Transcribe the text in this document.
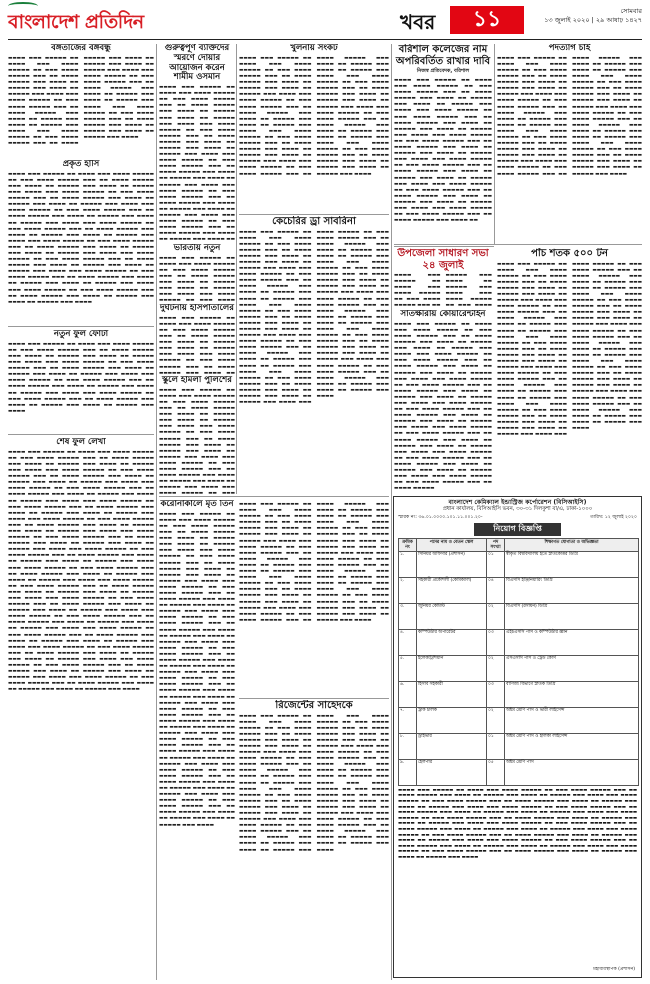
বাংলাদেশ প্রতিদিন	খবর	১১	সোমবার
১৩ জুলাই ২০২০ | ২৯ আষাঢ় ১৪২৭
বঙ্গতাজের বঙ্গবন্ধু
▬▬▬▬ ▬▬▬ ▬▬▬▬▬ ▬▬ ▬▬▬▬ ▬▬▬ ▬▬▬▬ ▬▬▬▬▬ ▬▬ ▬▬▬ ▬▬▬▬ ▬▬▬▬▬ ▬▬▬ ▬▬ ▬▬▬▬ ▬▬▬▬▬ ▬▬▬ ▬▬▬▬ ▬▬ ▬▬▬▬▬ ▬▬▬ ▬▬▬▬ ▬▬ ▬▬▬▬▬ ▬▬▬ ▬▬▬▬ ▬▬▬ ▬▬▬▬ ▬▬▬▬▬ ▬▬ ▬▬▬ ▬▬▬▬ ▬▬▬▬▬ ▬▬▬ ▬▬ ▬▬▬▬ ▬▬▬▬▬ ▬▬▬ ▬▬▬▬ ▬▬ ▬▬▬▬▬ ▬▬▬ ▬▬▬▬ ▬▬ ▬▬▬▬▬ ▬▬▬ ▬▬▬▬ ▬▬▬ ▬▬▬▬ ▬▬▬▬▬ ▬▬ ▬▬▬ ▬▬▬▬ ▬▬▬▬▬ ▬▬▬ ▬▬ ▬▬▬▬ ▬▬▬▬▬ ▬▬▬ ▬▬▬▬ ▬▬ ▬▬▬▬▬ ▬▬▬ ▬▬▬▬ ▬▬ ▬▬▬▬▬ ▬▬▬ ▬▬▬▬ ▬▬▬ ▬▬▬▬ ▬▬▬▬▬ ▬▬ ▬▬▬ ▬▬▬▬ ▬▬▬▬▬ ▬▬▬ ▬▬ ▬▬▬▬ ▬▬▬▬▬ ▬▬▬ ▬▬▬▬ ▬▬ ▬▬▬▬▬ ▬▬▬ ▬▬▬▬ ▬▬ ▬▬▬▬▬ ▬▬▬ ▬▬▬▬ ▬▬▬ ▬▬▬▬ ▬▬▬▬▬ ▬▬ ▬▬▬ ▬▬▬▬ ▬▬▬▬▬ ▬▬▬ ▬▬ ▬▬▬▬ ▬▬▬▬▬ ▬▬▬ ▬▬▬▬ ▬▬ ▬▬▬▬▬ ▬▬▬ ▬▬▬▬ ▬▬ ▬▬▬▬▬ ▬▬▬ ▬▬▬▬
প্রকৃত হাঁসি
▬▬▬▬ ▬▬▬ ▬▬▬▬▬ ▬▬ ▬▬▬▬ ▬▬▬ ▬▬▬▬ ▬▬▬▬▬ ▬▬ ▬▬▬ ▬▬▬▬ ▬▬▬▬▬ ▬▬▬ ▬▬ ▬▬▬▬ ▬▬▬▬▬ ▬▬▬ ▬▬▬▬ ▬▬ ▬▬▬▬▬ ▬▬▬ ▬▬▬▬ ▬▬ ▬▬▬▬▬ ▬▬▬ ▬▬▬▬ ▬▬▬ ▬▬▬▬ ▬▬▬▬▬ ▬▬ ▬▬▬ ▬▬▬▬ ▬▬▬▬▬ ▬▬▬ ▬▬ ▬▬▬▬ ▬▬▬▬▬ ▬▬▬ ▬▬▬▬ ▬▬ ▬▬▬▬▬ ▬▬▬ ▬▬▬▬ ▬▬ ▬▬▬▬▬ ▬▬▬ ▬▬▬▬ ▬▬▬ ▬▬▬▬ ▬▬▬▬▬ ▬▬ ▬▬▬ ▬▬▬▬ ▬▬▬▬▬ ▬▬▬ ▬▬ ▬▬▬▬ ▬▬▬▬▬ ▬▬▬ ▬▬▬▬ ▬▬ ▬▬▬▬▬ ▬▬▬ ▬▬▬▬ ▬▬ ▬▬▬▬▬ ▬▬▬ ▬▬▬▬ ▬▬▬ ▬▬▬▬ ▬▬▬▬▬ ▬▬ ▬▬▬ ▬▬▬▬ ▬▬▬▬▬ ▬▬▬ ▬▬ ▬▬▬▬ ▬▬▬▬▬ ▬▬▬ ▬▬▬▬ ▬▬ ▬▬▬▬▬ ▬▬▬ ▬▬▬▬ ▬▬ ▬▬▬▬▬ ▬▬▬ ▬▬▬▬ ▬▬▬ ▬▬▬▬ ▬▬▬▬▬ ▬▬ ▬▬▬ ▬▬▬▬ ▬▬▬▬▬ ▬▬▬ ▬▬ ▬▬▬▬ ▬▬▬▬▬ ▬▬▬ ▬▬▬▬ ▬▬ ▬▬▬▬▬ ▬▬▬ ▬▬▬▬ ▬▬ ▬▬▬▬▬ ▬▬▬ ▬▬▬▬ ▬▬▬ ▬▬▬▬ ▬▬▬▬▬ ▬▬ ▬▬▬ ▬▬▬▬ ▬▬▬▬▬ ▬▬▬ ▬▬ ▬▬▬▬ ▬▬▬▬▬ ▬▬▬ ▬▬▬▬ ▬▬ ▬▬▬▬▬ ▬▬▬ ▬▬▬▬ ▬▬ ▬▬▬▬▬ ▬▬▬ ▬▬▬▬ ▬▬▬ ▬▬▬▬ ▬▬▬▬▬ ▬▬ ▬▬▬ ▬▬▬▬ ▬▬▬▬▬ ▬▬▬ ▬▬ ▬▬▬▬ ▬▬▬▬▬ ▬▬▬ ▬▬▬▬ ▬▬ ▬▬▬▬▬ ▬▬▬ ▬▬▬▬ ▬▬ ▬▬▬▬▬ ▬▬▬ ▬▬▬▬ ▬▬▬ ▬▬▬▬ ▬▬▬▬▬ ▬▬ ▬▬▬ ▬▬▬▬ ▬▬▬▬▬ ▬▬▬ ▬▬ ▬▬▬▬ ▬▬▬▬▬ ▬▬▬ ▬▬▬▬ ▬▬ ▬▬▬▬▬ ▬▬▬ ▬▬▬▬ ▬▬ ▬▬▬▬▬ ▬▬▬ ▬▬▬▬
নতুন ফুল ফোটা
▬▬▬▬ ▬▬▬ ▬▬▬▬▬ ▬▬ ▬▬▬▬ ▬▬▬ ▬▬▬▬ ▬▬▬▬▬ ▬▬ ▬▬▬ ▬▬▬▬ ▬▬▬▬▬ ▬▬▬ ▬▬ ▬▬▬▬ ▬▬▬▬▬ ▬▬▬ ▬▬▬▬ ▬▬ ▬▬▬▬▬ ▬▬▬ ▬▬▬▬ ▬▬ ▬▬▬▬▬ ▬▬▬ ▬▬▬▬ ▬▬▬ ▬▬▬▬ ▬▬▬▬▬ ▬▬ ▬▬▬ ▬▬▬▬ ▬▬▬▬▬ ▬▬▬ ▬▬ ▬▬▬▬ ▬▬▬▬▬ ▬▬▬ ▬▬▬▬ ▬▬ ▬▬▬▬▬ ▬▬▬ ▬▬▬▬ ▬▬ ▬▬▬▬▬ ▬▬▬ ▬▬▬▬ ▬▬▬ ▬▬▬▬ ▬▬▬▬▬ ▬▬ ▬▬▬ ▬▬▬▬ ▬▬▬▬▬ ▬▬▬ ▬▬ ▬▬▬▬ ▬▬▬▬▬ ▬▬▬ ▬▬▬▬ ▬▬ ▬▬▬▬▬ ▬▬▬ ▬▬▬▬ ▬▬ ▬▬▬▬▬ ▬▬▬ ▬▬▬▬ ▬▬▬ ▬▬▬▬ ▬▬▬▬▬ ▬▬ ▬▬▬ ▬▬▬▬ ▬▬▬▬▬ ▬▬▬ ▬▬ ▬▬▬▬ ▬▬▬▬▬ ▬▬▬ ▬▬▬▬ ▬▬ ▬▬▬▬▬ ▬▬▬ ▬▬▬▬ ▬▬ ▬▬▬▬▬ ▬▬▬ ▬▬▬▬
শেষ ফুল লেখা
▬▬▬▬ ▬▬▬ ▬▬▬▬▬ ▬▬ ▬▬▬▬ ▬▬▬ ▬▬▬▬ ▬▬▬▬▬ ▬▬ ▬▬▬ ▬▬▬▬ ▬▬▬▬▬ ▬▬▬ ▬▬ ▬▬▬▬ ▬▬▬▬▬ ▬▬▬ ▬▬▬▬ ▬▬ ▬▬▬▬▬ ▬▬▬ ▬▬▬▬ ▬▬ ▬▬▬▬▬ ▬▬▬ ▬▬▬▬ ▬▬▬ ▬▬▬▬ ▬▬▬▬▬ ▬▬ ▬▬▬ ▬▬▬▬ ▬▬▬▬▬ ▬▬▬ ▬▬ ▬▬▬▬ ▬▬▬▬▬ ▬▬▬ ▬▬▬▬ ▬▬ ▬▬▬▬▬ ▬▬▬ ▬▬▬▬ ▬▬ ▬▬▬▬▬ ▬▬▬ ▬▬▬▬ ▬▬▬ ▬▬▬▬ ▬▬▬▬▬ ▬▬ ▬▬▬ ▬▬▬▬ ▬▬▬▬▬ ▬▬▬ ▬▬ ▬▬▬▬ ▬▬▬▬▬ ▬▬▬ ▬▬▬▬ ▬▬ ▬▬▬▬▬ ▬▬▬ ▬▬▬▬ ▬▬ ▬▬▬▬▬ ▬▬▬ ▬▬▬▬ ▬▬▬ ▬▬▬▬ ▬▬▬▬▬ ▬▬ ▬▬▬ ▬▬▬▬ ▬▬▬▬▬ ▬▬▬ ▬▬ ▬▬▬▬ ▬▬▬▬▬ ▬▬▬ ▬▬▬▬ ▬▬ ▬▬▬▬▬ ▬▬▬ ▬▬▬▬ ▬▬ ▬▬▬▬▬ ▬▬▬ ▬▬▬▬ ▬▬▬ ▬▬▬▬ ▬▬▬▬▬ ▬▬ ▬▬▬ ▬▬▬▬ ▬▬▬▬▬ ▬▬▬ ▬▬ ▬▬▬▬ ▬▬▬▬▬ ▬▬▬ ▬▬▬▬ ▬▬ ▬▬▬▬▬ ▬▬▬ ▬▬▬▬ ▬▬ ▬▬▬▬▬ ▬▬▬ ▬▬▬▬ ▬▬▬ ▬▬▬▬ ▬▬▬▬▬ ▬▬ ▬▬▬ ▬▬▬▬ ▬▬▬▬▬ ▬▬▬ ▬▬ ▬▬▬▬ ▬▬▬▬▬ ▬▬▬ ▬▬▬▬ ▬▬ ▬▬▬▬▬ ▬▬▬ ▬▬▬▬ ▬▬ ▬▬▬▬▬ ▬▬▬ ▬▬▬▬ ▬▬▬ ▬▬▬▬ ▬▬▬▬▬ ▬▬ ▬▬▬ ▬▬▬▬ ▬▬▬▬▬ ▬▬▬ ▬▬ ▬▬▬▬ ▬▬▬▬▬ ▬▬▬ ▬▬▬▬ ▬▬ ▬▬▬▬▬ ▬▬▬ ▬▬▬▬ ▬▬ ▬▬▬▬▬ ▬▬▬ ▬▬▬▬ ▬▬▬ ▬▬▬▬ ▬▬▬▬▬ ▬▬ ▬▬▬ ▬▬▬▬ ▬▬▬▬▬ ▬▬▬ ▬▬ ▬▬▬▬ ▬▬▬▬▬ ▬▬▬ ▬▬▬▬ ▬▬ ▬▬▬▬▬ ▬▬▬ ▬▬▬▬ ▬▬ ▬▬▬▬▬ ▬▬▬ ▬▬▬▬ ▬▬▬ ▬▬▬▬ ▬▬▬▬▬ ▬▬ ▬▬▬ ▬▬▬▬ ▬▬▬▬▬ ▬▬▬ ▬▬ ▬▬▬▬ ▬▬▬▬▬ ▬▬▬ ▬▬▬▬ ▬▬ ▬▬▬▬▬ ▬▬▬ ▬▬▬▬ ▬▬ ▬▬▬▬▬ ▬▬▬ ▬▬▬▬ ▬▬▬ ▬▬▬▬ ▬▬▬▬▬ ▬▬ ▬▬▬ ▬▬▬▬ ▬▬▬▬▬ ▬▬▬ ▬▬ ▬▬▬▬ ▬▬▬▬▬ ▬▬▬ ▬▬▬▬ ▬▬ ▬▬▬▬▬ ▬▬▬ ▬▬▬▬ ▬▬ ▬▬▬▬▬ ▬▬▬ ▬▬▬▬ ▬▬▬ ▬▬▬▬ ▬▬▬▬▬ ▬▬ ▬▬▬ ▬▬▬▬ ▬▬▬▬▬ ▬▬▬ ▬▬ ▬▬▬▬ ▬▬▬▬▬ ▬▬▬ ▬▬▬▬ ▬▬ ▬▬▬▬▬ ▬▬▬ ▬▬▬▬ ▬▬ ▬▬▬▬▬ ▬▬▬ ▬▬▬▬ ▬▬▬ ▬▬▬▬ ▬▬▬▬▬ ▬▬ ▬▬▬ ▬▬▬▬ ▬▬▬▬▬ ▬▬▬ ▬▬ ▬▬▬▬ ▬▬▬▬▬ ▬▬▬ ▬▬▬▬ ▬▬ ▬▬▬▬▬ ▬▬▬ ▬▬▬▬ ▬▬ ▬▬▬▬▬ ▬▬▬ ▬▬▬▬ ▬▬▬ ▬▬▬▬ ▬▬▬▬▬ ▬▬ ▬▬▬ ▬▬▬▬ ▬▬▬▬▬ ▬▬▬ ▬▬ ▬▬▬▬ ▬▬▬▬▬ ▬▬▬ ▬▬▬▬ ▬▬ ▬▬▬▬▬ ▬▬▬ ▬▬▬▬ ▬▬ ▬▬▬▬▬ ▬▬▬ ▬▬▬▬ ▬▬▬ ▬▬▬▬ ▬▬▬▬▬ ▬▬ ▬▬▬ ▬▬▬▬ ▬▬▬▬▬ ▬▬▬ ▬▬ ▬▬▬▬ ▬▬▬▬▬ ▬▬▬ ▬▬▬▬ ▬▬ ▬▬▬▬▬ ▬▬▬ ▬▬▬▬ ▬▬ ▬▬▬▬▬ ▬▬▬ ▬▬▬▬ ▬▬▬ ▬▬▬▬ ▬▬▬▬▬ ▬▬ ▬▬▬ ▬▬▬▬ ▬▬▬▬▬ ▬▬▬ ▬▬ ▬▬▬▬ ▬▬▬▬▬ ▬▬▬ ▬▬▬▬ ▬▬ ▬▬▬▬▬ ▬▬▬ ▬▬▬▬ ▬▬ ▬▬▬▬▬ ▬▬▬ ▬▬▬▬
গুরুত্বপূর্ণ ব্যক্তিদের স্মরণে দোয়ার আয়োজন করেন শামীম ওসমান
▬▬▬▬ ▬▬▬ ▬▬▬▬▬ ▬▬ ▬▬▬▬ ▬▬▬ ▬▬▬▬ ▬▬▬▬▬ ▬▬ ▬▬▬ ▬▬▬▬ ▬▬▬▬▬ ▬▬▬ ▬▬ ▬▬▬▬ ▬▬▬▬▬ ▬▬▬ ▬▬▬▬ ▬▬ ▬▬▬▬▬ ▬▬▬ ▬▬▬▬ ▬▬ ▬▬▬▬▬ ▬▬▬ ▬▬▬▬ ▬▬▬ ▬▬▬▬ ▬▬▬▬▬ ▬▬ ▬▬▬ ▬▬▬▬ ▬▬▬▬▬ ▬▬▬ ▬▬ ▬▬▬▬ ▬▬▬▬▬ ▬▬▬ ▬▬▬▬ ▬▬ ▬▬▬▬▬ ▬▬▬ ▬▬▬▬ ▬▬ ▬▬▬▬▬ ▬▬▬ ▬▬▬▬ ▬▬▬ ▬▬▬▬ ▬▬▬▬▬ ▬▬ ▬▬▬ ▬▬▬▬ ▬▬▬▬▬ ▬▬▬ ▬▬ ▬▬▬▬ ▬▬▬▬▬ ▬▬▬ ▬▬▬▬ ▬▬ ▬▬▬▬▬ ▬▬▬ ▬▬▬▬ ▬▬ ▬▬▬▬▬ ▬▬▬ ▬▬▬▬ ▬▬▬ ▬▬▬▬ ▬▬▬▬▬ ▬▬ ▬▬▬ ▬▬▬▬ ▬▬▬▬▬ ▬▬▬ ▬▬ ▬▬▬▬ ▬▬▬▬▬ ▬▬▬ ▬▬▬▬ ▬▬ ▬▬▬▬▬ ▬▬▬ ▬▬▬▬ ▬▬ ▬▬▬▬▬ ▬▬▬ ▬▬▬▬ ▬▬▬ ▬▬▬▬ ▬▬▬▬▬ ▬▬ ▬▬▬ ▬▬▬▬ ▬▬▬▬▬ ▬▬▬ ▬▬ ▬▬▬▬ ▬▬▬▬▬ ▬▬▬ ▬▬▬▬ ▬▬ ▬▬▬▬▬ ▬▬▬ ▬▬▬▬ ▬▬
ভারতীয় নতুন
▬▬▬▬ ▬▬▬ ▬▬▬▬▬ ▬▬ ▬▬▬▬ ▬▬▬ ▬▬▬▬ ▬▬▬▬▬ ▬▬ ▬▬▬ ▬▬▬▬ ▬▬▬▬▬ ▬▬▬ ▬▬ ▬▬▬▬ ▬▬▬▬▬ ▬▬▬ ▬▬▬▬ ▬▬ ▬▬▬▬▬ ▬▬▬ ▬▬▬▬ ▬▬ ▬▬▬▬▬ ▬▬▬ ▬▬▬▬ ▬▬▬ ▬▬▬▬ ▬▬▬▬▬ ▬▬ ▬▬▬ ▬▬▬▬
দুর্ঘটনায় হাসপাতালের
▬▬▬▬ ▬▬▬ ▬▬▬▬▬ ▬▬ ▬▬▬▬ ▬▬▬ ▬▬▬▬ ▬▬▬▬▬ ▬▬ ▬▬▬ ▬▬▬▬ ▬▬▬▬▬ ▬▬▬ ▬▬ ▬▬▬▬ ▬▬▬▬▬ ▬▬▬ ▬▬▬▬ ▬▬ ▬▬▬▬▬ ▬▬▬ ▬▬▬▬ ▬▬ ▬▬▬▬▬ ▬▬▬ ▬▬▬▬ ▬▬▬ ▬▬▬▬ ▬▬▬▬▬ ▬▬ ▬▬▬ ▬▬▬▬ ▬▬▬▬▬ ▬▬▬ ▬▬ ▬▬▬▬ ▬▬▬▬▬ ▬▬▬ ▬▬▬▬ ▬▬
স্কুলে হামলা পুলিশের
▬▬▬▬ ▬▬▬ ▬▬▬▬▬ ▬▬ ▬▬▬▬ ▬▬▬ ▬▬▬▬ ▬▬▬▬▬ ▬▬ ▬▬▬ ▬▬▬▬ ▬▬▬▬▬ ▬▬▬ ▬▬ ▬▬▬▬ ▬▬▬▬▬ ▬▬▬ ▬▬▬▬ ▬▬ ▬▬▬▬▬ ▬▬▬ ▬▬▬▬ ▬▬ ▬▬▬▬▬ ▬▬▬ ▬▬▬▬ ▬▬▬ ▬▬▬▬ ▬▬▬▬▬ ▬▬ ▬▬▬ ▬▬▬▬ ▬▬▬▬▬ ▬▬▬ ▬▬ ▬▬▬▬ ▬▬▬▬▬ ▬▬▬ ▬▬▬▬ ▬▬ ▬▬▬▬▬ ▬▬▬ ▬▬▬▬ ▬▬ ▬▬▬▬▬ ▬▬▬ ▬▬▬▬ ▬▬▬ ▬▬▬▬ ▬▬▬▬▬ ▬▬ ▬▬▬ ▬▬▬▬ ▬▬▬▬▬ ▬▬▬ ▬▬ ▬▬▬▬ ▬▬▬▬▬ ▬▬▬ ▬▬▬▬ ▬▬ ▬▬▬▬▬ ▬▬▬ ▬▬▬▬ ▬▬ ▬▬▬▬▬ ▬▬▬ ▬▬▬▬ ▬▬▬ ▬▬▬▬ ▬▬▬▬▬ ▬▬ ▬▬▬
করোনাকালে মৃত তিন
▬▬▬▬ ▬▬▬ ▬▬▬▬▬ ▬▬ ▬▬▬▬ ▬▬▬ ▬▬▬▬ ▬▬▬▬▬ ▬▬ ▬▬▬ ▬▬▬▬ ▬▬▬▬▬ ▬▬▬ ▬▬ ▬▬▬▬ ▬▬▬▬▬ ▬▬▬ ▬▬▬▬ ▬▬ ▬▬▬▬▬ ▬▬▬ ▬▬▬▬ ▬▬ ▬▬▬▬▬ ▬▬▬ ▬▬▬▬ ▬▬▬ ▬▬▬▬ ▬▬▬▬▬ ▬▬ ▬▬▬ ▬▬▬▬ ▬▬▬▬▬ ▬▬▬ ▬▬ ▬▬▬▬ ▬▬▬▬▬ ▬▬▬ ▬▬▬▬ ▬▬ ▬▬▬▬▬ ▬▬▬ ▬▬▬▬ ▬▬ ▬▬▬▬▬ ▬▬▬ ▬▬▬▬ ▬▬▬ ▬▬▬▬ ▬▬▬▬▬ ▬▬ ▬▬▬ ▬▬▬▬ ▬▬▬▬▬ ▬▬▬ ▬▬ ▬▬▬▬ ▬▬▬▬▬ ▬▬▬ ▬▬▬▬ ▬▬ ▬▬▬▬▬ ▬▬▬ ▬▬▬▬ ▬▬ ▬▬▬▬▬ ▬▬▬ ▬▬▬▬ ▬▬▬ ▬▬▬▬ ▬▬▬▬▬ ▬▬ ▬▬▬ ▬▬▬▬ ▬▬▬▬▬ ▬▬▬ ▬▬ ▬▬▬▬ ▬▬▬▬▬ ▬▬▬ ▬▬▬▬ ▬▬ ▬▬▬▬▬ ▬▬▬ ▬▬▬▬ ▬▬ ▬▬▬▬▬ ▬▬▬ ▬▬▬▬ ▬▬▬ ▬▬▬▬ ▬▬▬▬▬ ▬▬ ▬▬▬ ▬▬▬▬ ▬▬▬▬▬ ▬▬▬ ▬▬ ▬▬▬▬ ▬▬▬▬▬ ▬▬▬ ▬▬▬▬ ▬▬ ▬▬▬▬▬ ▬▬▬ ▬▬▬▬ ▬▬ ▬▬▬▬▬ ▬▬▬ ▬▬▬▬ ▬▬▬ ▬▬▬▬ ▬▬▬▬▬ ▬▬ ▬▬▬ ▬▬▬▬ ▬▬▬▬▬ ▬▬▬ ▬▬ ▬▬▬▬ ▬▬▬▬▬ ▬▬▬ ▬▬▬▬ ▬▬ ▬▬▬▬▬ ▬▬▬ ▬▬▬▬ ▬▬ ▬▬▬▬▬ ▬▬▬ ▬▬▬▬ ▬▬▬ ▬▬▬▬ ▬▬▬▬▬ ▬▬ ▬▬▬ ▬▬▬▬ ▬▬▬▬▬ ▬▬▬ ▬▬ ▬▬▬▬ ▬▬▬▬▬ ▬▬▬ ▬▬▬▬ ▬▬ ▬▬▬▬▬ ▬▬▬ ▬▬▬▬ ▬▬ ▬▬▬▬▬ ▬▬▬ ▬▬▬▬ ▬▬▬ ▬▬▬▬ ▬▬▬▬▬ ▬▬ ▬▬▬ ▬▬▬▬ ▬▬▬▬▬ ▬▬▬ ▬▬ ▬▬▬▬ ▬▬▬▬▬ ▬▬▬ ▬▬▬▬ ▬▬ ▬▬▬▬▬ ▬▬▬ ▬▬▬▬ ▬▬ ▬▬▬▬▬ ▬▬▬ ▬▬▬▬ ▬▬▬ ▬▬▬▬ ▬▬▬▬▬ ▬▬ ▬▬▬ ▬▬▬▬ ▬▬▬▬▬ ▬▬▬ ▬▬ ▬▬▬▬ ▬▬▬▬▬ ▬▬▬ ▬▬▬▬ ▬▬ ▬▬▬▬▬ ▬▬▬ ▬▬▬▬ ▬▬ ▬▬▬▬▬ ▬▬▬ ▬▬▬▬ ▬▬▬ ▬▬▬▬ ▬▬▬▬▬ ▬▬ ▬▬▬ ▬▬▬▬ ▬▬▬▬▬ ▬▬▬ ▬▬ ▬▬▬▬ ▬▬▬▬▬ ▬▬▬ ▬▬▬▬ ▬▬ ▬▬▬▬▬ ▬▬▬ ▬▬▬▬ ▬▬ ▬▬▬▬▬ ▬▬▬ ▬▬▬▬
খুলনায় সংকট
▬▬▬▬ ▬▬▬ ▬▬▬▬▬ ▬▬ ▬▬▬▬ ▬▬▬ ▬▬▬▬ ▬▬▬▬▬ ▬▬ ▬▬▬ ▬▬▬▬ ▬▬▬▬▬ ▬▬▬ ▬▬ ▬▬▬▬ ▬▬▬▬▬ ▬▬▬ ▬▬▬▬ ▬▬ ▬▬▬▬▬ ▬▬▬ ▬▬▬▬ ▬▬ ▬▬▬▬▬ ▬▬▬ ▬▬▬▬ ▬▬▬ ▬▬▬▬ ▬▬▬▬▬ ▬▬ ▬▬▬ ▬▬▬▬ ▬▬▬▬▬ ▬▬▬ ▬▬ ▬▬▬▬ ▬▬▬▬▬ ▬▬▬ ▬▬▬▬ ▬▬ ▬▬▬▬▬ ▬▬▬ ▬▬▬▬ ▬▬ ▬▬▬▬▬ ▬▬▬ ▬▬▬▬ ▬▬▬ ▬▬▬▬ ▬▬▬▬▬ ▬▬ ▬▬▬ ▬▬▬▬ ▬▬▬▬▬ ▬▬▬ ▬▬ ▬▬▬▬ ▬▬▬▬▬ ▬▬▬ ▬▬▬▬ ▬▬ ▬▬▬▬▬ ▬▬▬ ▬▬▬▬ ▬▬ ▬▬▬▬▬ ▬▬▬ ▬▬▬▬ ▬▬▬ ▬▬▬▬ ▬▬▬▬▬ ▬▬ ▬▬▬ ▬▬▬▬ ▬▬▬▬▬ ▬▬▬ ▬▬ ▬▬▬▬ ▬▬▬▬▬ ▬▬▬ ▬▬▬▬ ▬▬ ▬▬▬▬▬ ▬▬▬ ▬▬▬▬ ▬▬ ▬▬▬▬▬ ▬▬▬ ▬▬▬▬ ▬▬▬ ▬▬▬▬ ▬▬▬▬▬ ▬▬ ▬▬▬ ▬▬▬▬ ▬▬▬▬▬ ▬▬▬ ▬▬ ▬▬▬▬ ▬▬▬▬▬ ▬▬▬ ▬▬▬▬ ▬▬ ▬▬▬▬▬ ▬▬▬ ▬▬▬▬ ▬▬ ▬▬▬▬▬ ▬▬▬ ▬▬▬▬ ▬▬▬ ▬▬▬▬ ▬▬▬▬▬ ▬▬ ▬▬▬ ▬▬▬▬ ▬▬▬▬▬ ▬▬▬ ▬▬ ▬▬▬▬ ▬▬▬▬▬ ▬▬▬ ▬▬▬▬ ▬▬ ▬▬▬▬▬ ▬▬▬ ▬▬▬▬ ▬▬ ▬▬▬▬▬ ▬▬▬ ▬▬▬▬ ▬▬▬ ▬▬▬▬ ▬▬▬▬▬ ▬▬ ▬▬▬ ▬▬▬▬ ▬▬▬▬▬ ▬▬▬ ▬▬ ▬▬▬▬ ▬▬▬▬▬ ▬▬▬ ▬▬▬▬ ▬▬ ▬▬▬▬▬ ▬▬▬ ▬▬▬▬ ▬▬ ▬▬▬▬▬ ▬▬▬ ▬▬▬▬
কেচেরির ড্রা সাবরিনা
▬▬▬▬ ▬▬▬ ▬▬▬▬▬ ▬▬ ▬▬▬▬ ▬▬▬ ▬▬▬▬ ▬▬▬▬▬ ▬▬ ▬▬▬ ▬▬▬▬ ▬▬▬▬▬ ▬▬▬ ▬▬ ▬▬▬▬ ▬▬▬▬▬ ▬▬▬ ▬▬▬▬ ▬▬ ▬▬▬▬▬ ▬▬▬ ▬▬▬▬ ▬▬ ▬▬▬▬▬ ▬▬▬ ▬▬▬▬ ▬▬▬ ▬▬▬▬ ▬▬▬▬▬ ▬▬ ▬▬▬ ▬▬▬▬ ▬▬▬▬▬ ▬▬▬ ▬▬ ▬▬▬▬ ▬▬▬▬▬ ▬▬▬ ▬▬▬▬ ▬▬ ▬▬▬▬▬ ▬▬▬ ▬▬▬▬ ▬▬ ▬▬▬▬▬ ▬▬▬ ▬▬▬▬ ▬▬▬ ▬▬▬▬ ▬▬▬▬▬ ▬▬ ▬▬▬ ▬▬▬▬ ▬▬▬▬▬ ▬▬▬ ▬▬ ▬▬▬▬ ▬▬▬▬▬ ▬▬▬ ▬▬▬▬ ▬▬ ▬▬▬▬▬ ▬▬▬ ▬▬▬▬ ▬▬ ▬▬▬▬▬ ▬▬▬ ▬▬▬▬ ▬▬▬ ▬▬▬▬ ▬▬▬▬▬ ▬▬ ▬▬▬ ▬▬▬▬ ▬▬▬▬▬ ▬▬▬ ▬▬ ▬▬▬▬ ▬▬▬▬▬ ▬▬▬ ▬▬▬▬ ▬▬ ▬▬▬▬▬ ▬▬▬ ▬▬▬▬ ▬▬ ▬▬▬▬▬ ▬▬▬ ▬▬▬▬ ▬▬▬ ▬▬▬▬ ▬▬▬▬▬ ▬▬ ▬▬▬ ▬▬▬▬ ▬▬▬▬▬ ▬▬▬ ▬▬ ▬▬▬▬ ▬▬▬▬▬ ▬▬▬ ▬▬▬▬ ▬▬ ▬▬▬▬▬ ▬▬▬ ▬▬▬▬ ▬▬ ▬▬▬▬▬ ▬▬▬ ▬▬▬▬ ▬▬▬ ▬▬▬▬ ▬▬▬▬▬ ▬▬ ▬▬▬ ▬▬▬▬ ▬▬▬▬▬ ▬▬▬ ▬▬ ▬▬▬▬ ▬▬▬▬▬ ▬▬▬ ▬▬▬▬ ▬▬ ▬▬▬▬▬ ▬▬▬ ▬▬▬▬ ▬▬ ▬▬▬▬▬ ▬▬▬ ▬▬▬▬ ▬▬▬ ▬▬▬▬ ▬▬▬▬▬ ▬▬ ▬▬▬ ▬▬▬▬ ▬▬▬▬▬ ▬▬▬ ▬▬ ▬▬▬▬ ▬▬▬▬▬ ▬▬▬ ▬▬▬▬ ▬▬ ▬▬▬▬▬ ▬▬▬ ▬▬▬▬ ▬▬ ▬▬▬▬▬ ▬▬▬ ▬▬▬▬ ▬▬▬ ▬▬▬▬ ▬▬▬▬▬ ▬▬ ▬▬▬ ▬▬▬▬ ▬▬▬▬▬ ▬▬▬ ▬▬ ▬▬▬▬ ▬▬▬▬▬ ▬▬▬ ▬▬▬▬ ▬▬ ▬▬▬▬▬ ▬▬▬ ▬▬▬▬ ▬▬ ▬▬▬▬▬ ▬▬▬ ▬▬▬▬ ▬▬▬ ▬▬▬▬ ▬▬▬▬▬ ▬▬ ▬▬▬ ▬▬▬▬ ▬▬▬▬▬ ▬▬▬ ▬▬ ▬▬▬▬ ▬▬▬▬▬ ▬▬▬ ▬▬▬▬ ▬▬ ▬▬▬▬▬ ▬▬▬ ▬▬▬▬ ▬▬ ▬▬▬▬▬ ▬▬▬ ▬▬▬▬ ▬▬▬ ▬▬▬▬ ▬▬▬▬▬ ▬▬ ▬▬▬ ▬▬▬▬ ▬▬▬▬▬ ▬▬▬ ▬▬ ▬▬▬▬ ▬▬▬▬▬ ▬▬▬ ▬▬▬▬ ▬▬ ▬▬▬▬▬ ▬▬▬ ▬▬▬▬ ▬▬ ▬▬▬▬▬ ▬▬▬ ▬▬▬▬
রিজেন্টের সাহেদকে
▬▬▬▬ ▬▬▬ ▬▬▬▬▬ ▬▬ ▬▬▬▬ ▬▬▬ ▬▬▬▬ ▬▬▬▬▬ ▬▬ ▬▬▬ ▬▬▬▬ ▬▬▬▬▬ ▬▬▬ ▬▬ ▬▬▬▬ ▬▬▬▬▬ ▬▬▬ ▬▬▬▬ ▬▬ ▬▬▬▬▬ ▬▬▬ ▬▬▬▬ ▬▬ ▬▬▬▬▬ ▬▬▬ ▬▬▬▬ ▬▬▬ ▬▬▬▬ ▬▬▬▬▬ ▬▬ ▬▬▬ ▬▬▬▬ ▬▬▬▬▬ ▬▬▬ ▬▬ ▬▬▬▬ ▬▬▬▬▬ ▬▬▬ ▬▬▬▬ ▬▬ ▬▬▬▬▬ ▬▬▬ ▬▬▬▬ ▬▬ ▬▬▬▬▬ ▬▬▬ ▬▬▬▬ ▬▬▬ ▬▬▬▬ ▬▬▬▬▬ ▬▬ ▬▬▬ ▬▬▬▬ ▬▬▬▬▬ ▬▬▬ ▬▬ ▬▬▬▬ ▬▬▬▬▬ ▬▬▬ ▬▬▬▬ ▬▬ ▬▬▬▬▬ ▬▬▬ ▬▬▬▬ ▬▬ ▬▬▬▬▬ ▬▬▬ ▬▬▬▬ ▬▬▬ ▬▬▬▬ ▬▬▬▬▬ ▬▬ ▬▬▬ ▬▬▬▬ ▬▬▬▬▬ ▬▬▬ ▬▬ ▬▬▬▬ ▬▬▬▬▬ ▬▬▬ ▬▬▬▬ ▬▬ ▬▬▬▬▬ ▬▬▬ ▬▬▬▬ ▬▬ ▬▬▬▬▬ ▬▬▬ ▬▬▬▬ ▬▬▬ ▬▬▬▬ ▬▬▬▬▬ ▬▬ ▬▬▬ ▬▬▬▬ ▬▬▬▬▬ ▬▬▬ ▬▬ ▬▬▬▬ ▬▬▬▬▬ ▬▬▬ ▬▬▬▬ ▬▬ ▬▬▬▬▬ ▬▬▬ ▬▬▬▬ ▬▬ ▬▬▬▬▬ ▬▬▬ ▬▬▬▬ ▬▬▬ ▬▬▬▬ ▬▬▬▬▬ ▬▬ ▬▬▬ ▬▬▬▬ ▬▬▬▬▬ ▬▬▬ ▬▬ ▬▬▬▬ ▬▬▬▬▬ ▬▬▬ ▬▬▬▬ ▬▬ ▬▬▬▬▬ ▬▬▬ ▬▬▬▬ ▬▬ ▬▬▬▬▬ ▬▬▬ ▬▬▬▬ ▬▬▬ ▬▬▬▬ ▬▬▬▬▬ ▬▬ ▬▬▬ ▬▬▬▬ ▬▬▬▬▬ ▬▬▬ ▬▬ ▬▬▬▬ ▬▬▬▬▬ ▬▬▬ ▬▬▬▬ ▬▬ ▬▬▬▬▬ ▬▬▬ ▬▬▬▬ ▬▬ ▬▬▬▬▬ ▬▬▬ ▬▬▬▬ ▬▬▬ ▬▬▬▬ ▬▬▬▬▬ ▬▬ ▬▬▬ ▬▬▬▬ ▬▬▬▬▬ ▬▬▬ ▬▬ ▬▬▬▬ ▬▬▬▬▬ ▬▬▬ ▬▬▬▬ ▬▬ ▬▬▬▬▬ ▬▬▬ ▬▬▬▬ ▬▬ ▬▬▬▬▬ ▬▬▬ ▬▬▬▬
▬▬▬▬ ▬▬▬ ▬▬▬▬▬ ▬▬ ▬▬▬▬ ▬▬▬ ▬▬▬▬ ▬▬▬▬▬ ▬▬ ▬▬▬ ▬▬▬▬ ▬▬▬▬▬ ▬▬▬ ▬▬ ▬▬▬▬ ▬▬▬▬▬ ▬▬▬ ▬▬▬▬ ▬▬ ▬▬▬▬▬ ▬▬▬ ▬▬▬▬ ▬▬ ▬▬▬▬▬ ▬▬▬ ▬▬▬▬ ▬▬▬ ▬▬▬▬ ▬▬▬▬▬ ▬▬ ▬▬▬ ▬▬▬▬ ▬▬▬▬▬ ▬▬▬ ▬▬ ▬▬▬▬ ▬▬▬▬▬ ▬▬▬ ▬▬▬▬ ▬▬ ▬▬▬▬▬ ▬▬▬ ▬▬▬▬ ▬▬ ▬▬▬▬▬ ▬▬▬ ▬▬▬▬ ▬▬▬ ▬▬▬▬ ▬▬▬▬▬ ▬▬ ▬▬▬ ▬▬▬▬ ▬▬▬▬▬ ▬▬▬ ▬▬ ▬▬▬▬ ▬▬▬▬▬ ▬▬▬ ▬▬▬▬ ▬▬ ▬▬▬▬▬ ▬▬▬ ▬▬▬▬ ▬▬ ▬▬▬▬▬ ▬▬▬ ▬▬▬▬ ▬▬▬ ▬▬▬▬ ▬▬▬▬▬ ▬▬ ▬▬▬ ▬▬▬▬ ▬▬▬▬▬ ▬▬▬ ▬▬ ▬▬▬▬ ▬▬▬▬▬ ▬▬▬ ▬▬▬▬ ▬▬ ▬▬▬▬▬ ▬▬▬ ▬▬▬▬ ▬▬ ▬▬▬▬▬ ▬▬▬ ▬▬▬▬ ▬▬▬ ▬▬▬▬ ▬▬▬▬▬ ▬▬ ▬▬▬ ▬▬▬▬ ▬▬▬▬▬ ▬▬▬ ▬▬ ▬▬▬▬ ▬▬▬▬▬ ▬▬▬ ▬▬▬▬ ▬▬ ▬▬▬▬▬ ▬▬▬ ▬▬▬▬ ▬▬ ▬▬▬▬▬ ▬▬▬ ▬▬▬▬ ▬▬▬ ▬▬▬▬ ▬▬▬▬▬ ▬▬ ▬▬▬ ▬▬▬▬ ▬▬▬▬▬ ▬▬▬ ▬▬ ▬▬▬▬ ▬▬▬▬▬ ▬▬▬ ▬▬▬▬ ▬▬ ▬▬▬▬▬ ▬▬▬ ▬▬▬▬ ▬▬ ▬▬▬▬▬ ▬▬▬ ▬▬▬▬ ▬▬▬ ▬▬▬▬ ▬▬▬▬▬ ▬▬ ▬▬▬ ▬▬▬▬ ▬▬▬▬▬ ▬▬▬ ▬▬ ▬▬▬▬ ▬▬▬▬▬ ▬▬▬ ▬▬▬▬ ▬▬ ▬▬▬▬▬ ▬▬▬ ▬▬▬▬ ▬▬ ▬▬▬▬▬ ▬▬▬ ▬▬▬▬
বরিশাল কলেজের নাম অপরিবর্তিত রাখার দাবি
নিজস্ব প্রতিবেদক, বরিশাল
▬▬▬▬ ▬▬▬ ▬▬▬▬▬ ▬▬ ▬▬▬▬ ▬▬▬ ▬▬▬▬ ▬▬▬▬▬ ▬▬ ▬▬▬ ▬▬▬▬ ▬▬▬▬▬ ▬▬▬ ▬▬ ▬▬▬▬ ▬▬▬▬▬ ▬▬▬ ▬▬▬▬ ▬▬ ▬▬▬▬▬ ▬▬▬ ▬▬▬▬ ▬▬ ▬▬▬▬▬ ▬▬▬ ▬▬▬▬ ▬▬▬ ▬▬▬▬ ▬▬▬▬▬ ▬▬ ▬▬▬ ▬▬▬▬ ▬▬▬▬▬ ▬▬▬ ▬▬ ▬▬▬▬ ▬▬▬▬▬ ▬▬▬ ▬▬▬▬ ▬▬ ▬▬▬▬▬ ▬▬▬ ▬▬▬▬ ▬▬ ▬▬▬▬▬ ▬▬▬ ▬▬▬▬ ▬▬▬ ▬▬▬▬ ▬▬▬▬▬ ▬▬ ▬▬▬ ▬▬▬▬ ▬▬▬▬▬ ▬▬▬ ▬▬ ▬▬▬▬ ▬▬▬▬▬ ▬▬▬ ▬▬▬▬ ▬▬ ▬▬▬▬▬ ▬▬▬ ▬▬▬▬ ▬▬ ▬▬▬▬▬ ▬▬▬ ▬▬▬▬ ▬▬▬ ▬▬▬▬ ▬▬▬▬▬ ▬▬ ▬▬▬ ▬▬▬▬ ▬▬▬▬▬ ▬▬▬ ▬▬ ▬▬▬▬ ▬▬▬▬▬ ▬▬▬ ▬▬▬▬ ▬▬ ▬▬▬▬▬ ▬▬▬ ▬▬▬▬ ▬▬ ▬▬▬▬▬ ▬▬▬ ▬▬▬▬ ▬▬▬ ▬▬▬▬ ▬▬▬▬▬ ▬▬ ▬▬▬ ▬▬▬▬ ▬▬▬▬▬ ▬▬▬ ▬▬ ▬▬▬▬ ▬▬▬▬▬ ▬▬▬ ▬▬▬▬ ▬▬ ▬▬▬▬▬ ▬▬▬ ▬▬▬▬ ▬▬ ▬▬▬▬▬ ▬▬▬ ▬▬▬▬ ▬▬▬ ▬▬▬▬ ▬▬▬▬▬ ▬▬ ▬▬▬ ▬▬▬▬ ▬▬▬▬▬ ▬▬▬ ▬▬ ▬▬▬▬ ▬▬▬▬▬ ▬▬▬ ▬▬▬▬ ▬▬
উপজেলা সাধারণ সভা ২৪ জুলাই
▬▬▬▬ ▬▬▬ ▬▬▬▬▬ ▬▬ ▬▬▬▬ ▬▬▬ ▬▬▬▬ ▬▬▬▬▬ ▬▬ ▬▬▬ ▬▬▬▬ ▬▬▬▬▬ ▬▬▬ ▬▬ ▬▬▬▬▬ ▬▬▬ ▬▬▬▬ ▬▬ ▬▬▬▬▬ ▬▬▬ ▬▬▬▬ ▬▬▬ ▬▬▬▬ ▬▬▬▬▬ ▬▬ ▬▬▬ ▬▬▬▬
সাতক্ষীরায় কোয়ারেন্টাইন
▬▬▬▬ ▬▬▬ ▬▬▬▬▬ ▬▬ ▬▬▬▬ ▬▬▬ ▬▬▬▬ ▬▬▬▬▬ ▬▬ ▬▬▬ ▬▬▬▬ ▬▬▬▬▬ ▬▬▬ ▬▬ ▬▬▬▬ ▬▬▬▬▬ ▬▬▬ ▬▬▬▬ ▬▬ ▬▬▬▬▬ ▬▬▬ ▬▬▬▬ ▬▬ ▬▬▬▬▬ ▬▬▬ ▬▬▬▬ ▬▬▬ ▬▬▬▬ ▬▬▬▬▬ ▬▬ ▬▬▬ ▬▬▬▬ ▬▬▬▬▬ ▬▬▬ ▬▬ ▬▬▬▬ ▬▬▬▬▬ ▬▬▬ ▬▬▬▬ ▬▬ ▬▬▬▬▬ ▬▬▬ ▬▬▬▬ ▬▬ ▬▬▬▬▬ ▬▬▬ ▬▬▬▬ ▬▬▬ ▬▬▬▬ ▬▬▬▬▬ ▬▬ ▬▬▬ ▬▬▬▬ ▬▬▬▬▬ ▬▬▬ ▬▬ ▬▬▬▬ ▬▬▬▬▬ ▬▬▬ ▬▬▬▬ ▬▬ ▬▬▬▬▬ ▬▬▬ ▬▬▬▬ ▬▬ ▬▬▬▬▬ ▬▬▬ ▬▬▬▬ ▬▬▬ ▬▬▬▬ ▬▬▬▬▬ ▬▬ ▬▬▬ ▬▬▬▬ ▬▬▬▬▬ ▬▬▬ ▬▬ ▬▬▬▬ ▬▬▬▬▬ ▬▬▬ ▬▬▬▬ ▬▬ ▬▬▬▬▬ ▬▬▬ ▬▬▬▬ ▬▬ ▬▬▬▬▬ ▬▬▬ ▬▬▬▬ ▬▬▬ ▬▬▬▬ ▬▬▬▬▬ ▬▬ ▬▬▬ ▬▬▬▬ ▬▬▬▬▬ ▬▬▬ ▬▬ ▬▬▬▬ ▬▬▬▬▬ ▬▬▬ ▬▬▬▬ ▬▬ ▬▬▬▬▬ ▬▬▬ ▬▬▬▬ ▬▬ ▬▬▬▬▬ ▬▬▬ ▬▬▬▬ ▬▬▬ ▬▬▬▬ ▬▬▬▬▬ ▬▬ ▬▬▬ ▬▬▬▬ ▬▬▬▬▬ ▬▬▬ ▬▬ ▬▬▬▬ ▬▬▬▬▬ ▬▬▬ ▬▬▬▬ ▬▬ ▬▬▬▬▬ ▬▬▬ ▬▬▬▬ ▬▬ ▬▬▬▬▬ ▬▬▬ ▬▬▬▬ ▬▬▬ ▬▬▬▬ ▬▬▬▬▬ ▬▬ ▬▬▬ ▬▬▬▬ ▬▬▬▬▬ ▬▬▬ ▬▬ ▬▬▬▬ ▬▬▬▬▬
পদত্যাগ চাই
▬▬▬▬ ▬▬▬ ▬▬▬▬▬ ▬▬ ▬▬▬▬ ▬▬▬ ▬▬▬▬ ▬▬▬▬▬ ▬▬ ▬▬▬ ▬▬▬▬ ▬▬▬▬▬ ▬▬▬ ▬▬ ▬▬▬▬ ▬▬▬▬▬ ▬▬▬ ▬▬▬▬ ▬▬ ▬▬▬▬▬ ▬▬▬ ▬▬▬▬ ▬▬ ▬▬▬▬▬ ▬▬▬ ▬▬▬▬ ▬▬▬ ▬▬▬▬ ▬▬▬▬▬ ▬▬ ▬▬▬ ▬▬▬▬ ▬▬▬▬▬ ▬▬▬ ▬▬ ▬▬▬▬ ▬▬▬▬▬ ▬▬▬ ▬▬▬▬ ▬▬ ▬▬▬▬▬ ▬▬▬ ▬▬▬▬ ▬▬ ▬▬▬▬▬ ▬▬▬ ▬▬▬▬ ▬▬▬ ▬▬▬▬ ▬▬▬▬▬ ▬▬ ▬▬▬ ▬▬▬▬ ▬▬▬▬▬ ▬▬▬ ▬▬ ▬▬▬▬ ▬▬▬▬▬ ▬▬▬ ▬▬▬▬ ▬▬ ▬▬▬▬▬ ▬▬▬ ▬▬▬▬ ▬▬ ▬▬▬▬▬ ▬▬▬ ▬▬▬▬ ▬▬▬ ▬▬▬▬ ▬▬▬▬▬ ▬▬ ▬▬▬ ▬▬▬▬ ▬▬▬▬▬ ▬▬▬ ▬▬ ▬▬▬▬ ▬▬▬▬▬ ▬▬▬ ▬▬▬▬ ▬▬ ▬▬▬▬▬ ▬▬▬ ▬▬▬▬ ▬▬ ▬▬▬▬▬ ▬▬▬ ▬▬▬▬ ▬▬▬ ▬▬▬▬ ▬▬▬▬▬ ▬▬ ▬▬▬ ▬▬▬▬ ▬▬▬▬▬ ▬▬▬ ▬▬ ▬▬▬▬ ▬▬▬▬▬ ▬▬▬ ▬▬▬▬ ▬▬ ▬▬▬▬▬ ▬▬▬ ▬▬▬▬ ▬▬ ▬▬▬▬▬ ▬▬▬ ▬▬▬▬ ▬▬▬ ▬▬▬▬ ▬▬▬▬▬ ▬▬ ▬▬▬ ▬▬▬▬ ▬▬▬▬▬ ▬▬▬ ▬▬ ▬▬▬▬ ▬▬▬▬▬ ▬▬▬ ▬▬▬▬ ▬▬ ▬▬▬▬▬ ▬▬▬ ▬▬▬▬ ▬▬ ▬▬▬▬▬ ▬▬▬ ▬▬▬▬ ▬▬▬ ▬▬▬▬ ▬▬▬▬▬ ▬▬ ▬▬▬ ▬▬▬▬ ▬▬▬▬▬ ▬▬▬ ▬▬ ▬▬▬▬ ▬▬▬▬▬ ▬▬▬ ▬▬▬▬ ▬▬ ▬▬▬▬▬ ▬▬▬ ▬▬▬▬ ▬▬ ▬▬▬▬▬ ▬▬▬ ▬▬▬▬
পাঁচ শতক ৫০০ টন
▬▬▬▬ ▬▬▬ ▬▬▬▬▬ ▬▬ ▬▬▬▬ ▬▬▬ ▬▬▬▬ ▬▬▬▬▬ ▬▬ ▬▬▬ ▬▬▬▬ ▬▬▬▬▬ ▬▬▬ ▬▬ ▬▬▬▬ ▬▬▬▬▬ ▬▬▬ ▬▬▬▬ ▬▬ ▬▬▬▬▬ ▬▬▬ ▬▬▬▬ ▬▬ ▬▬▬▬▬ ▬▬▬ ▬▬▬▬ ▬▬▬ ▬▬▬▬ ▬▬▬▬▬ ▬▬ ▬▬▬ ▬▬▬▬ ▬▬▬▬▬ ▬▬▬ ▬▬ ▬▬▬▬ ▬▬▬▬▬ ▬▬▬ ▬▬▬▬ ▬▬ ▬▬▬▬▬ ▬▬▬ ▬▬▬▬ ▬▬ ▬▬▬▬▬ ▬▬▬ ▬▬▬▬ ▬▬▬ ▬▬▬▬ ▬▬▬▬▬ ▬▬ ▬▬▬ ▬▬▬▬ ▬▬▬▬▬ ▬▬▬ ▬▬ ▬▬▬▬ ▬▬▬▬▬ ▬▬▬ ▬▬▬▬ ▬▬ ▬▬▬▬▬ ▬▬▬ ▬▬▬▬ ▬▬ ▬▬▬▬▬ ▬▬▬ ▬▬▬▬ ▬▬▬ ▬▬▬▬ ▬▬▬▬▬ ▬▬ ▬▬▬ ▬▬▬▬ ▬▬▬▬▬ ▬▬▬ ▬▬ ▬▬▬▬ ▬▬▬▬▬ ▬▬▬ ▬▬▬▬ ▬▬ ▬▬▬▬▬ ▬▬▬ ▬▬▬▬ ▬▬ ▬▬▬▬▬ ▬▬▬ ▬▬▬▬ ▬▬▬ ▬▬▬▬ ▬▬▬▬▬ ▬▬ ▬▬▬ ▬▬▬▬ ▬▬▬▬▬ ▬▬▬ ▬▬ ▬▬▬▬ ▬▬▬▬▬ ▬▬▬ ▬▬▬▬ ▬▬ ▬▬▬▬▬ ▬▬▬ ▬▬▬▬ ▬▬ ▬▬▬▬▬ ▬▬▬ ▬▬▬▬ ▬▬▬ ▬▬▬▬ ▬▬▬▬▬ ▬▬ ▬▬▬ ▬▬▬▬ ▬▬▬▬▬ ▬▬▬ ▬▬ ▬▬▬▬ ▬▬▬▬▬ ▬▬▬ ▬▬▬▬ ▬▬ ▬▬▬▬▬ ▬▬▬ ▬▬▬▬ ▬▬ ▬▬▬▬▬ ▬▬▬ ▬▬▬▬ ▬▬▬ ▬▬▬▬ ▬▬▬▬▬ ▬▬ ▬▬▬ ▬▬▬▬ ▬▬▬▬▬ ▬▬▬ ▬▬ ▬▬▬▬ ▬▬▬▬▬ ▬▬▬ ▬▬▬▬ ▬▬ ▬▬▬▬▬ ▬▬▬ ▬▬▬▬ ▬▬ ▬▬▬▬▬ ▬▬▬ ▬▬▬▬ ▬▬▬ ▬▬▬▬ ▬▬▬▬▬ ▬▬ ▬▬▬ ▬▬▬▬ ▬▬▬▬▬ ▬▬▬ ▬▬ ▬▬▬▬ ▬▬▬▬▬ ▬▬▬ ▬▬▬▬ ▬▬ ▬▬▬▬▬ ▬▬▬ ▬▬▬▬ ▬▬ ▬▬▬▬▬ ▬▬▬ ▬▬▬▬ ▬▬▬ ▬▬▬▬ ▬▬▬▬▬ ▬▬ ▬▬▬ ▬▬▬▬ ▬▬▬▬▬ ▬▬▬ ▬▬ ▬▬▬▬ ▬▬▬▬▬ ▬▬▬ ▬▬▬▬ ▬▬ ▬▬▬▬▬ ▬▬▬ ▬▬▬▬ ▬▬ ▬▬▬▬▬ ▬▬▬ ▬▬▬▬ ▬▬▬ ▬▬▬▬ ▬▬▬▬▬ ▬▬ ▬▬▬ ▬▬▬▬ ▬▬▬▬▬ ▬▬▬ ▬▬ ▬▬▬▬ ▬▬▬▬▬ ▬▬▬ ▬▬▬▬ ▬▬ ▬▬▬▬▬ ▬▬▬ ▬▬▬▬ ▬▬ ▬▬▬▬▬ ▬▬▬ ▬▬▬▬
বাংলাদেশ কেমিক্যাল ইন্ডাস্ট্রিজ কর্পোরেশন (বিসিআইসি)
প্রধান কার্যালয়, বিসিআইসি ভবন, ৩০-৩১ দিলকুশা বা/এ, ঢাকা-১০০০
স্মারক নং: ৩৬.০১.০০০০.১০১.১১.০০১.২০-	তারিখ: ১২ জুলাই ২০২০
নিয়োগ বিজ্ঞপ্তি
ক্রমিক নং	পদের নাম ও বেতন স্কেল	পদ সংখ্যা	শিক্ষাগত যোগ্যতা ও অভিজ্ঞতা
১.	সিনিয়র অফিসার (প্রশাসন)	০১	স্বীকৃত বিশ্ববিদ্যালয় হতে স্নাতকোত্তর ডিগ্রি
২.	সহকারী প্রকৌশলী (কেমিক্যাল)	০৪	বিএসসি ইঞ্জিনিয়ারিং ডিগ্রি
৩.	জুনিয়র কেমিস্ট	০২	বিএসসি (রসায়ন) ডিগ্রি
৪.	কম্পিউটার অপারেটর	০৩	এইচএসসি পাস ও কম্পিউটার জ্ঞান
৫.	ইলেকট্রিশিয়ান	০২	এসএসসি পাস ও ট্রেড কোর্স
৬.	হিসাব সহকারী	০৩	বাণিজ্য বিভাগে স্নাতক ডিগ্রি
৭.	ট্রাক চালক	০২	অষ্টম শ্রেণি পাস ও ভারী লাইসেন্স
৮.	ড্রাইভার	০১	অষ্টম শ্রেণি পাস ও হালকা লাইসেন্স
৯.	হেলপার	০৫	অষ্টম শ্রেণি পাস
▬▬▬▬ ▬▬▬ ▬▬▬▬▬ ▬▬ ▬▬▬▬ ▬▬▬ ▬▬▬▬ ▬▬▬▬▬ ▬▬ ▬▬▬ ▬▬▬▬ ▬▬▬▬▬ ▬▬▬ ▬▬ ▬▬▬▬ ▬▬▬▬▬ ▬▬▬ ▬▬▬▬ ▬▬ ▬▬▬▬▬ ▬▬▬ ▬▬▬▬ ▬▬ ▬▬▬▬▬ ▬▬▬ ▬▬▬▬ ▬▬▬ ▬▬▬▬ ▬▬▬▬▬ ▬▬ ▬▬▬ ▬▬▬▬ ▬▬▬▬▬ ▬▬▬ ▬▬ ▬▬▬▬ ▬▬▬▬▬ ▬▬▬ ▬▬▬▬ ▬▬ ▬▬▬▬▬ ▬▬▬ ▬▬▬▬ ▬▬ ▬▬▬▬▬ ▬▬▬ ▬▬▬▬ ▬▬▬ ▬▬▬▬ ▬▬▬▬▬ ▬▬ ▬▬▬ ▬▬▬▬ ▬▬▬▬▬ ▬▬▬ ▬▬ ▬▬▬▬ ▬▬▬▬▬ ▬▬▬ ▬▬▬▬ ▬▬ ▬▬▬▬▬ ▬▬▬ ▬▬▬▬ ▬▬ ▬▬▬▬▬ ▬▬▬ ▬▬▬▬ ▬▬▬ ▬▬▬▬ ▬▬▬▬▬ ▬▬ ▬▬▬ ▬▬▬▬ ▬▬▬▬▬ ▬▬▬ ▬▬ ▬▬▬▬ ▬▬▬▬▬ ▬▬▬ ▬▬▬▬ ▬▬ ▬▬▬▬▬ ▬▬▬ ▬▬▬▬ ▬▬ ▬▬▬▬▬ ▬▬▬ ▬▬▬▬ ▬▬▬ ▬▬▬▬ ▬▬▬▬▬ ▬▬ ▬▬▬ ▬▬▬▬ ▬▬▬▬▬ ▬▬▬ ▬▬ ▬▬▬▬ ▬▬▬▬▬ ▬▬▬ ▬▬▬▬ ▬▬ ▬▬▬▬▬ ▬▬▬ ▬▬▬▬ ▬▬ ▬▬▬▬▬ ▬▬▬ ▬▬▬▬ ▬▬▬ ▬▬▬▬ ▬▬▬▬▬ ▬▬ ▬▬▬ ▬▬▬▬ ▬▬▬▬▬ ▬▬▬ ▬▬ ▬▬▬▬ ▬▬▬▬▬ ▬▬▬ ▬▬▬▬ ▬▬ ▬▬▬▬▬ ▬▬▬ ▬▬▬▬ ▬▬ ▬▬▬▬▬ ▬▬▬ ▬▬▬▬ ▬▬▬ ▬▬▬▬ ▬▬▬▬▬ ▬▬ ▬▬▬ ▬▬▬▬ ▬▬▬▬▬ ▬▬▬ ▬▬ ▬▬▬▬ ▬▬▬▬▬ ▬▬▬ ▬▬▬▬ ▬▬ ▬▬▬▬▬ ▬▬▬ ▬▬▬▬ ▬▬ ▬▬▬▬▬ ▬▬▬ ▬▬▬▬ ▬▬▬ ▬▬▬▬ ▬▬▬▬▬ ▬▬ ▬▬▬ ▬▬▬▬ ▬▬▬▬▬ ▬▬▬ ▬▬ ▬▬▬▬ ▬▬▬▬▬ ▬▬▬ ▬▬▬▬ ▬▬ ▬▬▬▬▬ ▬▬▬ ▬▬▬▬ ▬▬ ▬▬▬▬▬ ▬▬▬ ▬▬▬▬
মহাব্যবস্থাপক (প্রশাসন)
